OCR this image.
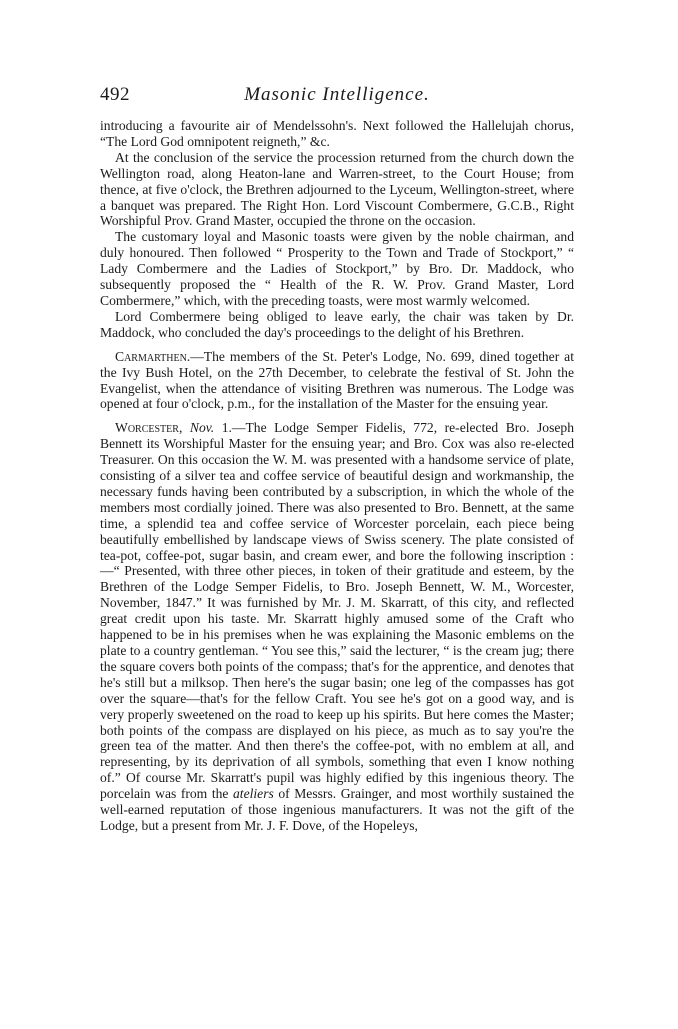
492	Masonic Intelligence.

introducing a favourite air of Mendelssohn's. Next followed the Hallelujah chorus, “The Lord God omnipotent reigneth,” &c.

At the conclusion of the service the procession returned from the church down the Wellington road, along Heaton-lane and Warren-street, to the Court House; from thence, at five o'clock, the Brethren adjourned to the Lyceum, Wellington-street, where a banquet was prepared. The Right Hon. Lord Viscount Combermere, G.C.B., Right Worshipful Prov. Grand Master, occupied the throne on the occasion.

The customary loyal and Masonic toasts were given by the noble chairman, and duly honoured. Then followed “ Prosperity to the Town and Trade of Stockport,” “ Lady Combermere and the Ladies of Stockport,” by Bro. Dr. Maddock, who subsequently proposed the “ Health of the R. W. Prov. Grand Master, Lord Combermere,” which, with the preceding toasts, were most warmly welcomed.

Lord Combermere being obliged to leave early, the chair was taken by Dr. Maddock, who concluded the day's proceedings to the delight of his Brethren.

Carmarthen.—The members of the St. Peter's Lodge, No. 699, dined together at the Ivy Bush Hotel, on the 27th December, to celebrate the festival of St. John the Evangelist, when the attendance of visiting Brethren was numerous. The Lodge was opened at four o'clock, p.m., for the installation of the Master for the ensuing year.

Worcester, Nov. 1.—The Lodge Semper Fidelis, 772, re-elected Bro. Joseph Bennett its Worshipful Master for the ensuing year; and Bro. Cox was also re-elected Treasurer. On this occasion the W. M. was presented with a handsome service of plate, consisting of a silver tea and coffee service of beautiful design and workmanship, the necessary funds having been contributed by a subscription, in which the whole of the members most cordially joined. There was also presented to Bro. Bennett, at the same time, a splendid tea and coffee service of Worcester porcelain, each piece being beautifully embellished by landscape views of Swiss scenery. The plate consisted of tea-pot, coffee-pot, sugar basin, and cream ewer, and bore the following inscription : —“ Presented, with three other pieces, in token of their gratitude and esteem, by the Brethren of the Lodge Semper Fidelis, to Bro. Joseph Bennett, W. M., Worcester, November, 1847.” It was furnished by Mr. J. M. Skarratt, of this city, and reflected great credit upon his taste. Mr. Skarratt highly amused some of the Craft who happened to be in his premises when he was explaining the Masonic emblems on the plate to a country gentleman. “ You see this,” said the lecturer, “ is the cream jug; there the square covers both points of the compass; that's for the apprentice, and denotes that he's still but a milksop. Then here's the sugar basin; one leg of the compasses has got over the square—that's for the fellow Craft. You see he's got on a good way, and is very properly sweetened on the road to keep up his spirits. But here comes the Master; both points of the compass are displayed on his piece, as much as to say you're the green tea of the matter. And then there's the coffee-pot, with no emblem at all, and representing, by its deprivation of all symbols, something that even I know nothing of.” Of course Mr. Skarratt's pupil was highly edified by this ingenious theory. The porcelain was from the ateliers of Messrs. Grainger, and most worthily sustained the well-earned reputation of those ingenious manufacturers. It was not the gift of the Lodge, but a present from Mr. J. F. Dove, of the Hopeleys,
